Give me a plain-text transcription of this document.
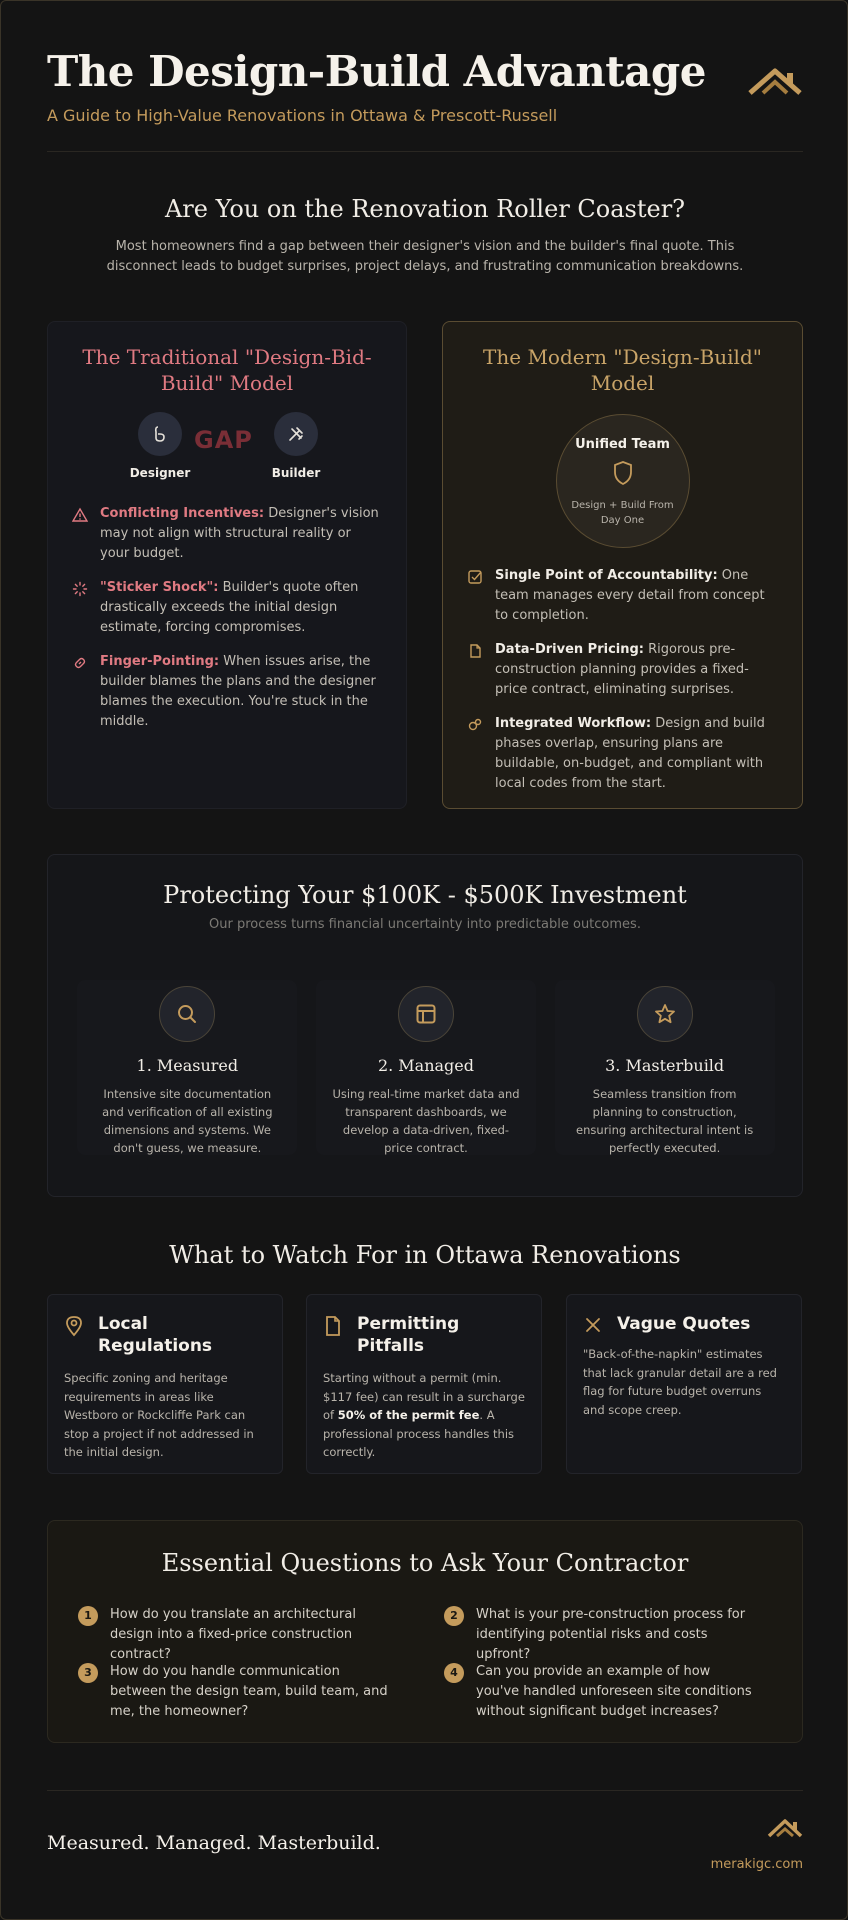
The Design-Build Advantage
A Guide to High-Value Renovations in Ottawa & Prescott-Russell
Are You on the Renovation Roller Coaster?

Most homeowners find a gap between their designer's vision and the builder's final quote. This disconnect leads to budget surprises, project delays, and frustrating communication breakdowns.

The Traditional "Design-Bid-Build" Model
Designer
GAP
Builder
Conflicting Incentives: Designer's vision may not align with structural reality or your budget.
"Sticker Shock": Builder's quote often drastically exceeds the initial design estimate, forcing compromises.
Finger-Pointing: When issues arise, the builder blames the plans and the designer blames the execution. You're stuck in the middle.
The Modern "Design-Build" Model
Unified Team
Design + Build From Day One
Single Point of Accountability: One team manages every detail from concept to completion.
Data-Driven Pricing: Rigorous pre-construction planning provides a fixed-price contract, eliminating surprises.
Integrated Workflow: Design and build phases overlap, ensuring plans are buildable, on-budget, and compliant with local codes from the start.
Protecting Your $100K - $500K Investment
Our process turns financial uncertainty into predictable outcomes.
1. Measured

Intensive site documentation and verification of all existing dimensions and systems. We don't guess, we measure.

2. Managed

Using real-time market data and transparent dashboards, we develop a data-driven, fixed-price contract.

3. Masterbuild

Seamless transition from planning to construction, ensuring architectural intent is perfectly executed.

What to Watch For in Ottawa Renovations
Local Regulations

Specific zoning and heritage requirements in areas like Westboro or Rockcliffe Park can stop a project if not addressed in the initial design.

Permitting Pitfalls

Starting without a permit (min. $117 fee) can result in a surcharge of 50% of the permit fee. A professional process handles this correctly.

Vague Quotes

"Back-of-the-napkin" estimates that lack granular detail are a red flag for future budget overruns and scope creep.

Essential Questions to Ask Your Contractor
1	How do you translate an architectural design into a fixed-price construction contract?
2	What is your pre-construction process for identifying potential risks and costs upfront?
3	How do you handle communication between the design team, build team, and me, the homeowner?
4	Can you provide an example of how you've handled unforeseen site conditions without significant budget increases?
Measured. Managed. Masterbuild.
merakigc.com
